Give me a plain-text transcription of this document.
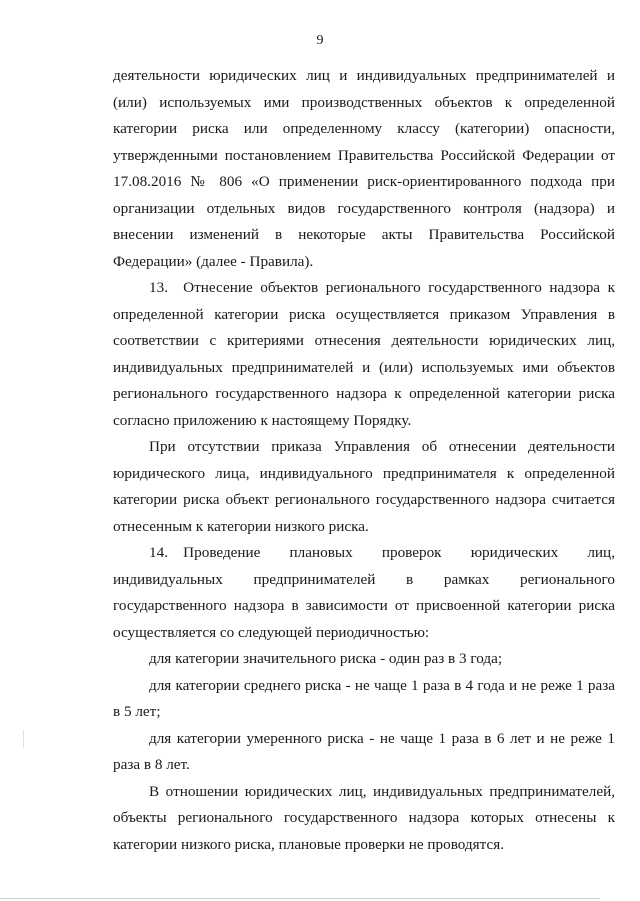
9

деятельности юридических лиц и индивидуальных предпринимателей и (или) используемых ими производственных объектов к определенной категории риска или определенному классу (категории) опасности, утвержденными постановлением Правительства Российской Федерации от 17.08.2016 № 806 «О применении риск-ориентированного подхода при организации отдельных видов государственного контроля (надзора) и внесении изменений в некоторые акты Правительства Российской Федерации» (далее - Правила).

13. Отнесение объектов регионального государственного надзора к определенной категории риска осуществляется приказом Управления в соответствии с критериями отнесения деятельности юридических лиц, индивидуальных предпринимателей и (или) используемых ими объектов регионального государственного надзора к определенной категории риска согласно приложению к настоящему Порядку.

При отсутствии приказа Управления об отнесении деятельности юридического лица, индивидуального предпринимателя к определенной категории риска объект регионального государственного надзора считается отнесенным к категории низкого риска.

14. Проведение плановых проверок юридических лиц, индивидуальных предпринимателей в рамках регионального государственного надзора в зависимости от присвоенной категории риска осуществляется со следующей периодичностью:

для категории значительного риска - один раз в 3 года;

для категории среднего риска - не чаще 1 раза в 4 года и не реже 1 раза в 5 лет;

для категории умеренного риска - не чаще 1 раза в 6 лет и не реже 1 раза в 8 лет.

В отношении юридических лиц, индивидуальных предпринимателей, объекты регионального государственного надзора которых отнесены к категории низкого риска, плановые проверки не проводятся.
